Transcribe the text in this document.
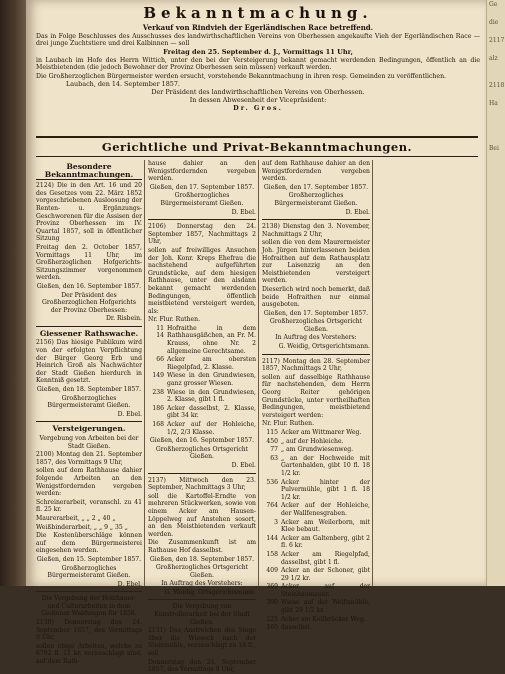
Bekanntmachung.
Verkauf von Rindvieh der Egerländischen Race betreffend.
Das in Folge Beschlusses des Ausschusses des landwirthschaftlichen Vereins von Oberhessen angekaufte Vieh der Egerländischen Race — drei junge Zuchtstiere und drei Kalbinnen — soll
Freitag den 25. September d. J., Vormittags 11 Uhr,
in Laubach im Hofe des Herrn Wittich, unter den bei der Versteigerung bekannt gemacht werdenden Bedingungen, öffentlich an die Meistbietenden (die jedoch Bewohner der Provinz Oberhessen sein müssen) verkauft werden.
Die Großherzoglichen Bürgermeister werden ersucht, vorstehende Bekanntmachung in ihren resp. Gemeinden zu veröffentlichen.
Laubach, den 14. September 1857.
Der Präsident des landwirthschaftlichen Vereins von Oberhessen.
In dessen Abwesenheit der Vicepräsident:
Dr. Gros.
Gerichtliche und Privat-Bekanntmachungen.
Besondere Bekanntmachungen.

2124) Die in den Art. 16 und 20 des Gesetzes vom 22. März 1852 vorgeschriebenen Ausloosung der Renten- u. Ergänzungs-Geschworenen für die Assisen der Provinz Oberhessen im IV. Quartal 1857, soll in öffentlicher Sitzung

Freitag den 2. October 1857, Vormittags 11 Uhr, im Großherzoglichen Hofgerichts-Sitzungszimmer vorgenommen werden.

Gießen, den 16. September 1857.

Der Präsident des Großherzoglichen Hofgerichts der Provinz Oberhessen:

Dr. Risbein.

Giessener Rathswache.

2156) Das hiesige Publikum wird von der erfolgten Verpflichtung der Bürger Georg Erb und Heinrich Groß als Nachwächter der Stadt Gießen hierdurch in Kenntniß gesetzt.

Gießen, den 18. September 1857.

Großherzogliches Bürgermeisteramt Gießen.

D. Ebel.

Versteigerungen.

Vergebung von Arbeiten bei der Stadt Gießen.

2100) Montag den 21. September 1857, des Vormittags 9 Uhr,

sollen auf dem Rathhause dahier folgende Arbeiten an den Wenigstfordernden vergeben werden:

Schreinerarbeit, veranschl. zu 41 fl. 25 kr.

Maurerarbeit, „ „ 2 „ 40 „

Weißbinderarbeit, „ „ 9 „ 35 „

Die Kostenüberschläge können auf dem Bürgermeisterei eingesehen werden.

Gießen, den 15. September 1857.

Großherzogliches Bürgermeisteramt Gießen.

D. Ebel.

Die Vergebung der Holzhauer- und Culturarbeiten in dem Gießener Waldungen für 1858.

2130) Donnerstag den 24. September 1857, des Vormittags 9 Uhr,

sollen obige Arbeiten, welche zu 6792 fl. 11 kr. veranschlagt sind, auf dem Rath-

hause dahier an den Wenigstfordernden vergeben werden.

Gießen, den 17. September 1857.

Großherzogliches Bürgermeisteramt Gießen.

D. Ebel.

2106) Donnerstag den 24. September 1857, Nachmittags 2 Uhr,

sollen auf freiwilliges Ansuchen der Joh. Konr. Kreps Ehefrau die nachstehend aufgeführten Grundstücke, auf dem hiesigen Rathhause, unter den alsdann bekannt gemacht werdenden Bedingungen, öffentlich meistbietend versteigert werden, als:

Nr. Flur. Ruthen.

11 14
Hofraithe in dem Rathhausgäßchen, an Fr. M. Krauss, ohne Nr. 2 allgemeine Gerechtsame.
66 Acker am obersten Riegelpfad, 2. Klasse.
149 Wiese in den Grundwiesen, ganz grosser Wiesen.
238 Wiese in den Grundwiesen, 2. Klasse, gibt 1 fl.
186 Acker dasselbst, 2. Klasse, gibt 34 kr.
168 Acker auf der Hohleiche, 1/2, 2/3 Klasse.

Gießen, den 16. September 1857.

Großherzogliches Ortsgericht Gießen.

D. Ebel.

2137) Mittwoch den 23. September, Nachmittags 3 Uhr,

soll die Kartoffel-Erndte von mehreren Stückwerken, sowie von einem Acker am Hausen-Löppelweg auf Anstehen sosort, an den Meistbietenden verkauft werden.

Die Zusammenkunft ist am Rathause Hof dasselbst.

Gießen, den 18. September 1857.

Großherzogliches Ortsgericht Gießen.

In Auftrag des Vorstehers:

G. Weidig, Ortsgerichtsmann.

Die Vergebung von Kunstrollerarbeit bei der Stadt Gießen.

2131) Das Anstreichen des Stege über die Wieseck nach der Steinmühle, veranschlagt zu 18 fl., soll

Donnerstag den 24. September 1857, des Vormittags 9 Uhr,

auf dem Rathhause dahier an den Wenigstfordernden vergeben werden.

Gießen, den 17. September 1857.

Großherzogliches Bürgermeisteramt Gießen.

D. Ebel.

2138) Dienstag den 3. November, Nachmittags 2 Uhr,

sollen die von dem Maurermeister Joh. Jürgen hinterlassenen beiden Hofraithen auf dem Rathausplatz zur Laisenzzig an den Meistbietenden versteigert werden.

Dieserlich wird noch bemerkt, daß beide Hofraithen nur einmal ausgeboten.

Gießen, den 17. September 1857.

Großherzogliches Ortsgericht Gießen.

In Auftrag des Vorstehers:

G. Weidig, Ortsgerichtsmann.

2117) Montag den 28. September 1857, Nachmittags 2 Uhr,

sollen auf dasselbige Rathhause für nachstehenden, dem Herrn Georg Reiter gehörigen Grundstücke, unter vortheilhaften Bedingungen, meistbietend versteigert werden:

Nr. Flur. Ruthen.

115 Acker am Wittmarer Weg.
450 „ auf der Hohleiche.
77 „ am Grundwiesenweg.
63 „ an der Hochweide mit Gartenhalden, gibt 10 fl. 18 1/2 kr.
536 Acker hinter der Pulvermühle, gibt 1 fl. 18 1/2 kr.
764 Acker auf der Hohleiche, der Wallfenesgraben.
3 Acker am Weilerborn, mit Klee bebaut.
144 Acker am Galtenberg, gibt 2 fl. 6 kr.
158 Acker am Riegelpfad, dasselbst, gibt 1 fl.
409 Acker an der Schoner, gibt 29 1/2 kr.
369 Acker auf der Steinhaumauer.
390 Wiese auf der Weifsmühle, gibt 29 1/2 kr.
225 Acker am Kellbrücker Weg.
165 dasselbst.
Ge

die

2117

alz

2118

Ha

Bei
